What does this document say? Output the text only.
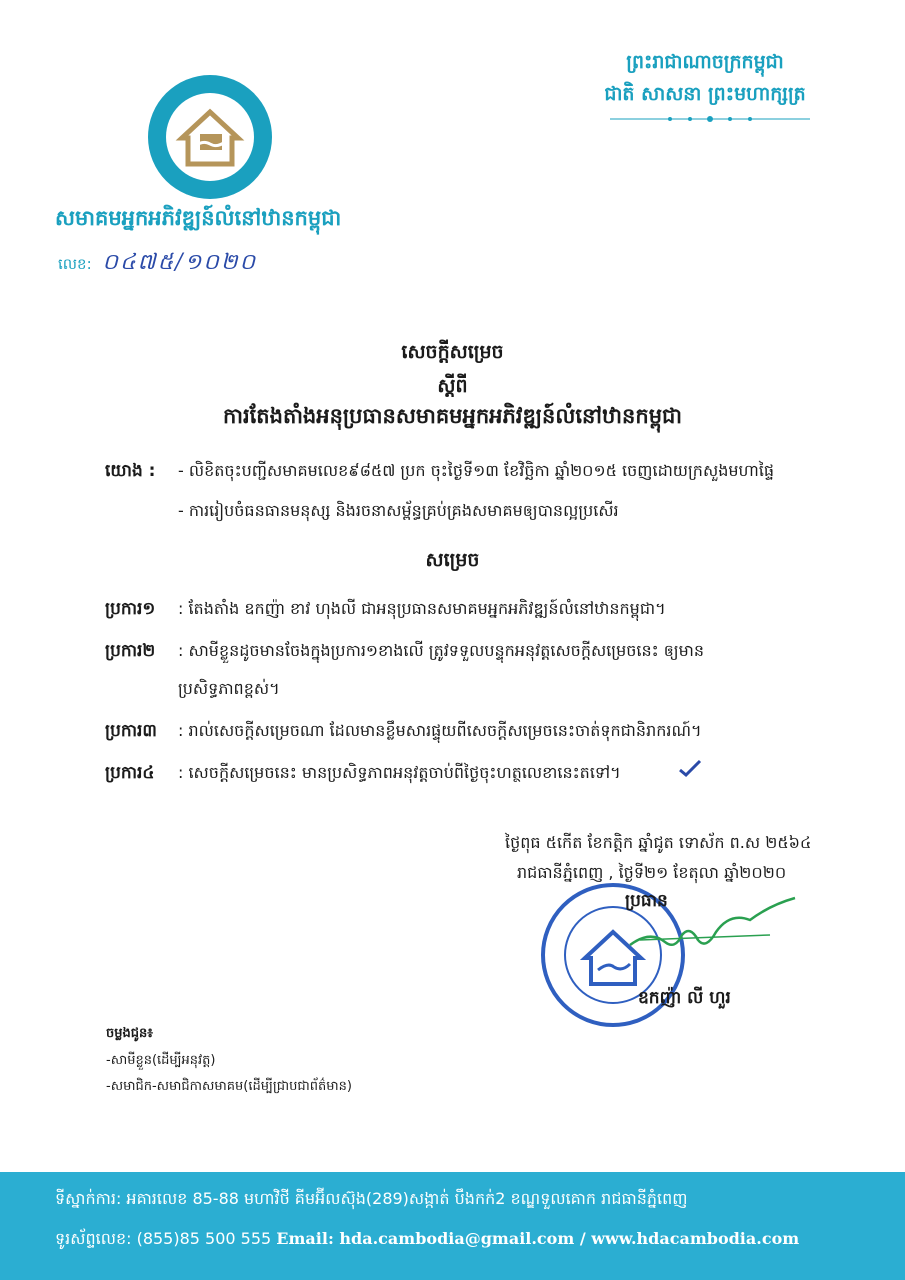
សមាគមអ្នកអភិវឌ្ឍន៍លំនៅឋានកម្ពុជា
លេខ: ០៤៧៥/១០២០
ព្រះរាជាណាចក្រកម្ពុជា
ជាតិ សាសនា ព្រះមហាក្សត្រ
សេចក្ដីសម្រេច
ស្ដីពី
ការតែងតាំងអនុប្រធានសមាគមអ្នកអភិវឌ្ឍន៍លំនៅឋានកម្ពុជា
យោង : - លិខិតចុះបញ្ជីសមាគមលេខ៩៨៥៧ ប្រក ចុះថ្ងៃទី១៣ ខែវិច្ឆិកា ឆ្នាំ២០១៥ ចេញដោយក្រសួងមហាផ្ទៃ
- ការរៀបចំធនធានមនុស្ស និងរចនាសម្ព័ន្ធគ្រប់គ្រងសមាគមឲ្យបានល្អប្រសើរ
សម្រេច
ប្រការ១ : តែងតាំង ឧកញ៉ា ខាវ ហុងលី ជាអនុប្រធានសមាគមអ្នកអភិវឌ្ឍន៍លំនៅឋានកម្ពុជា។
ប្រការ២ : សាមីខ្លួនដូចមានចែងក្នុងប្រការ១ខាងលើ ត្រូវទទួលបន្ទុកអនុវត្តសេចក្ដីសម្រេចនេះ ឲ្យមាន
ប្រសិទ្ធភាពខ្ពស់។
ប្រការ៣ : រាល់សេចក្ដីសម្រេចណា ដែលមានខ្លឹមសារផ្ទុយពីសេចក្ដីសម្រេចនេះចាត់ទុកជានិរាករណ៍។
ប្រការ៤ : សេចក្ដីសម្រេចនេះ មានប្រសិទ្ធភាពអនុវត្តចាប់ពីថ្ងៃចុះហត្ថលេខានេះតទៅ។
ថ្ងៃពុធ ៥កើត ខែកត្តិក ឆ្នាំជូត ទោស័ក ព.ស ២៥៦៤
រាជធានីភ្នំពេញ , ថ្ងៃទី២១ ខែតុលា ឆ្នាំ២០២០
ប្រធាន
ឧកញ៉ា លី ហួរ
ចម្លងជូន៖
-សាមីខ្លួន(ដើម្បីអនុវត្ត)
-សមាជិក-សមាជិកាសមាគម(ដើម្បីជ្រាបជាព័ត៌មាន)
ទីស្នាក់ការ: អគារលេខ 85-88 មហាវិថី គីមអ៊ីលស៊ុង(289)សង្កាត់ បឹងកក់2 ខណ្ឌទួលគោក រាជធានីភ្នំពេញ
ទូរស័ព្ទលេខ: (855)85 500 555 Email: hda.cambodia@gmail.com / www.hdacambodia.com
